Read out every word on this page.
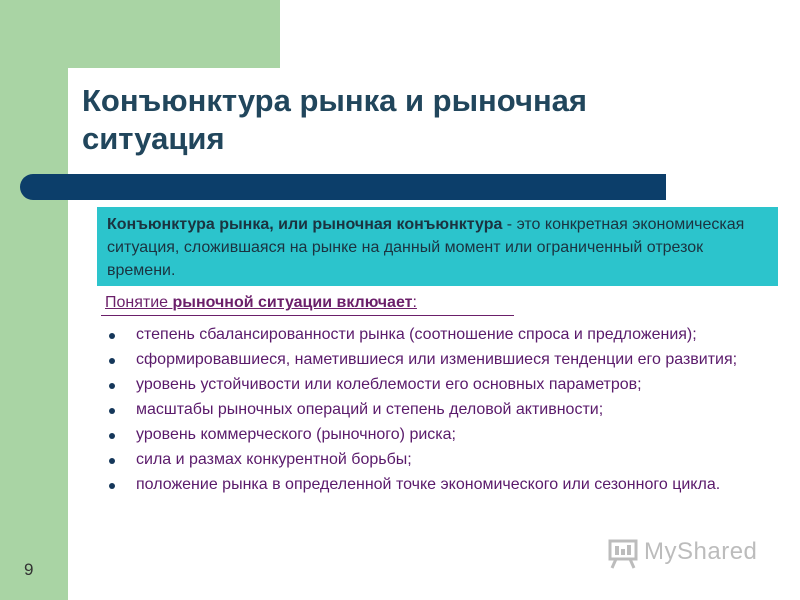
Конъюнктура рынка и рыночная ситуация
Конъюнктура рынка, или рыночная конъюнктура - это конкретная экономическая ситуация, сложившаяся на рынке на данный момент или ограниченный отрезок времени.
Понятие рыночной ситуации включает:
степень сбалансированности рынка (соотношение спроса и предложения);
сформировавшиеся, наметившиеся или изменившиеся тенденции его развития;
уровень устойчивости или колеблемости его основных параметров;
масштабы рыночных операций и степень деловой активности;
уровень коммерческого (рыночного) риска;
сила и размах конкурентной борьбы;
положение рынка в определенной точке экономического или сезонного цикла.
9
MyShared
